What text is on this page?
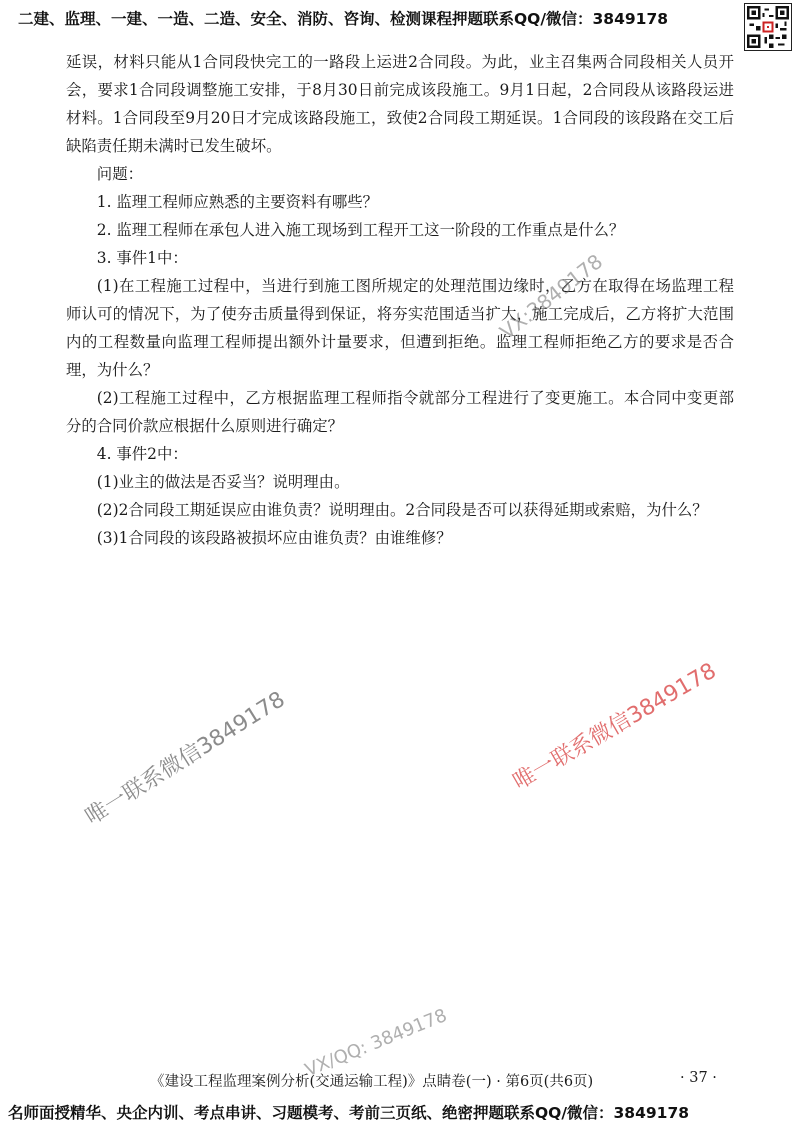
二建、监理、一建、一造、二造、安全、消防、咨询、检测课程押题联系QQ/微信：3849178

延误，材料只能从1合同段快完工的一路段上运进2合同段。为此，业主召集两合同段相关人员开会，要求1合同段调整施工安排，于8月30日前完成该段施工。9月1日起，2合同段从该路段运进材料。1合同段至9月20日才完成该路段施工，致使2合同段工期延误。1合同段的该段路在交工后缺陷责任期未满时已发生破坏。

问题：

1. 监理工程师应熟悉的主要资料有哪些？

2. 监理工程师在承包人进入施工现场到工程开工这一阶段的工作重点是什么？

3. 事件1中：

(1)在工程施工过程中，当进行到施工图所规定的处理范围边缘时，乙方在取得在场监理工程师认可的情况下，为了使夯击质量得到保证，将夯实范围适当扩大，施工完成后，乙方将扩大范围内的工程数量向监理工程师提出额外计量要求，但遭到拒绝。监理工程师拒绝乙方的要求是否合理，为什么？

(2)工程施工过程中，乙方根据监理工程师指令就部分工程进行了变更施工。本合同中变更部分的合同价款应根据什么原则进行确定？

4. 事件2中：

(1)业主的做法是否妥当？说明理由。

(2)2合同段工期延误应由谁负责？说明理由。2合同段是否可以获得延期或索赔，为什么？

(3)1合同段的该段路被损坏应由谁负责？由谁维修？

VX:3849178
唯一联系微信3849178	唯一联系微信3849178
VX/QQ: 3849178
《建设工程监理案例分析(交通运输工程)》点睛卷(一) · 第6页(共6页)	· 37 ·
名师面授精华、央企内训、考点串讲、习题模考、考前三页纸、绝密押题联系QQ/微信：3849178
